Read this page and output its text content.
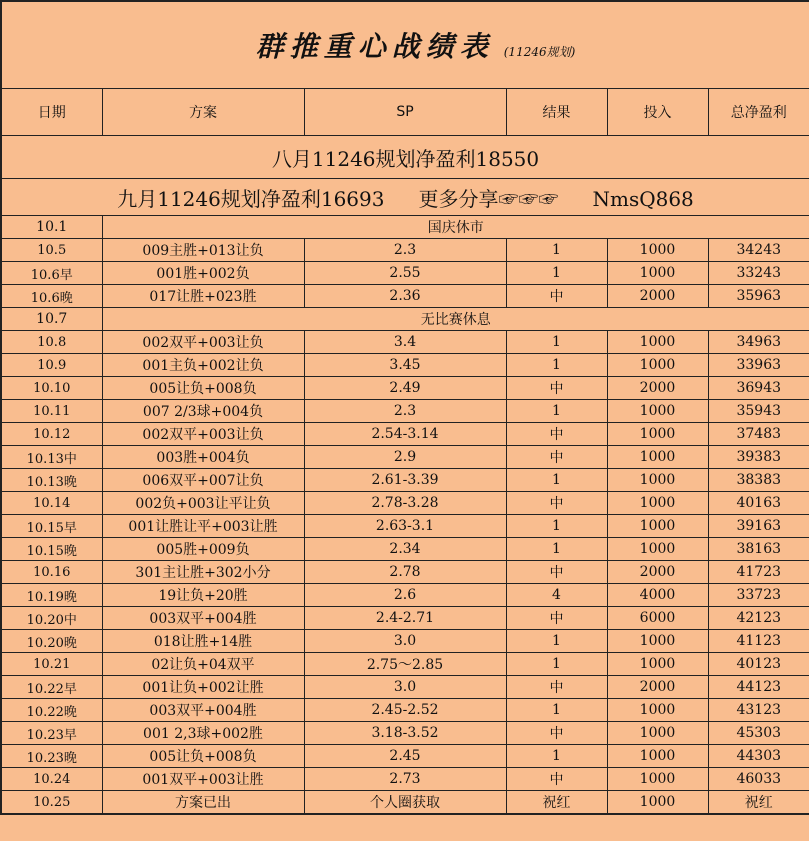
群推重心战绩表 (11246规划)					

日期	方案	SP	结果	投入	总净盈利
八月11246规划净盈利18550					
九月11246规划净盈利16693 更多分享☞☞☞ NmsQ868					
10.1	国庆休市				
10.5	009主胜+013让负	2.3	1	1000	34243
10.6早	001胜+002负	2.55	1	1000	33243
10.6晚	017让胜+023胜	2.36	中	2000	35963
10.7	无比赛休息				
10.8	002双平+003让负	3.4	1	1000	34963
10.9	001主负+002让负	3.45	1	1000	33963
10.10	005让负+008负	2.49	中	2000	36943
10.11	007 2/3球+004负	2.3	1	1000	35943
10.12	002双平+003让负	2.54-3.14	中	1000	37483
10.13中	003胜+004负	2.9	中	1000	39383
10.13晚	006双平+007让负	2.61-3.39	1	1000	38383
10.14	002负+003让平让负	2.78-3.28	中	1000	40163
10.15早	001让胜让平+003让胜	2.63-3.1	1	1000	39163
10.15晚	005胜+009负	2.34	1	1000	38163
10.16	301主让胜+302小分	2.78	中	2000	41723
10.19晚	19让负+20胜	2.6	4	4000	33723
10.20中	003双平+004胜	2.4-2.71	中	6000	42123
10.20晚	018让胜+14胜	3.0	1	1000	41123
10.21	02让负+04双平	2.75～2.85	1	1000	40123
10.22早	001让负+002让胜	3.0	中	2000	44123
10.22晚	003双平+004胜	2.45-2.52	1	1000	43123
10.23早	001 2,3球+002胜	3.18-3.52	中	1000	45303
10.23晚	005让负+008负	2.45	1	1000	44303
10.24	001双平+003让胜	2.73	中	1000	46033
10.25	方案已出	个人圈获取	祝红	1000	祝红
